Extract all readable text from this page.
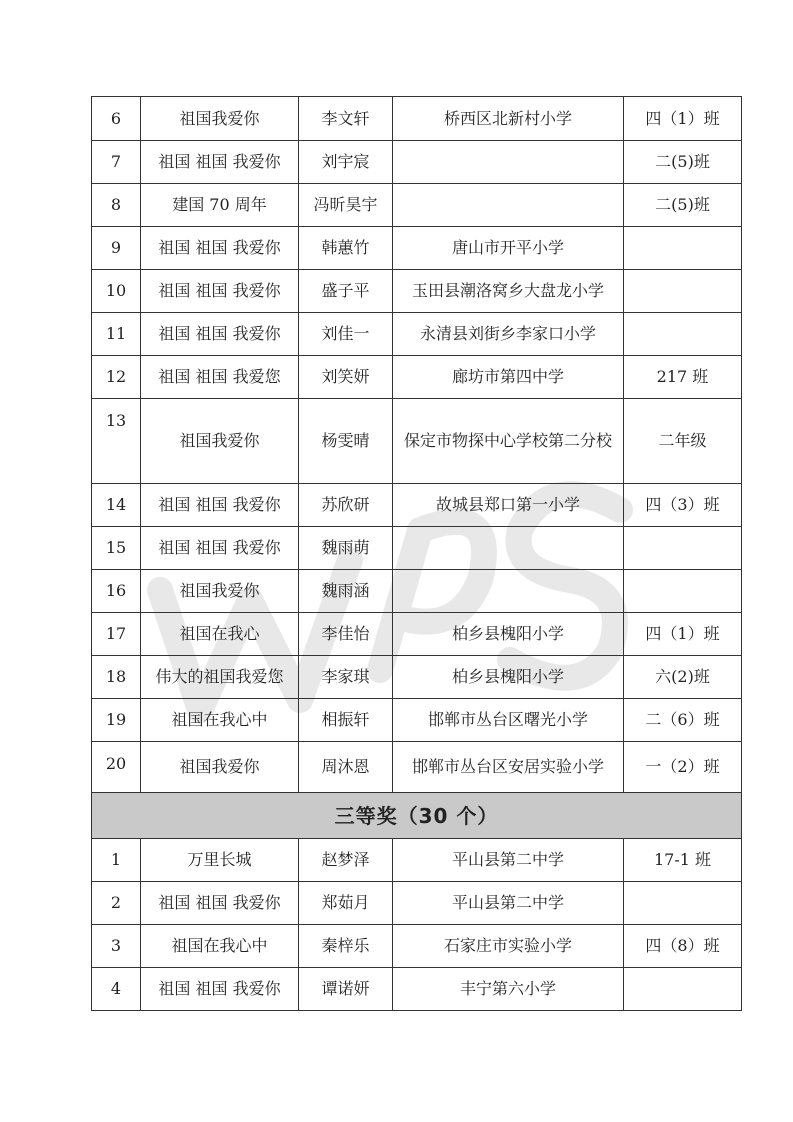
6	祖国我爱你	李文轩	桥西区北新村小学	四（1）班
7	祖国 祖国 我爱你	刘宇宸		二(5)班
8	建国 70 周年	冯昕昊宇		二(5)班
9	祖国 祖国 我爱你	韩蕙竹	唐山市开平小学	
10	祖国 祖国 我爱你	盛子平	玉田县潮洛窝乡大盘龙小学	
11	祖国 祖国 我爱你	刘佳一	永清县刘街乡李家口小学	
12	祖国 祖国 我爱您	刘笑妍	廊坊市第四中学	217 班
13	祖国我爱你	杨雯晴	保定市物探中心学校第二分校	二年级
14	祖国 祖国 我爱你	苏欣研	故城县郑口第一小学	四（3）班
15	祖国 祖国 我爱你	魏雨萌		
16	祖国我爱你	魏雨涵		
17	祖国在我心	李佳怡	柏乡县槐阳小学	四（1）班
18	伟大的祖国我爱您	李家琪	柏乡县槐阳小学	六(2)班
19	祖国在我心中	相振轩	邯郸市丛台区曙光小学	二（6）班
20	祖国我爱你	周沐恩	邯郸市丛台区安居实验小学	一（2）班
三等奖（30 个）				
1	万里长城	赵梦泽	平山县第二中学	17-1 班
2	祖国 祖国 我爱你	郑茹月	平山县第二中学	
3	祖国在我心中	秦梓乐	石家庄市实验小学	四（8）班
4	祖国 祖国 我爱你	谭诺妍	丰宁第六小学	
